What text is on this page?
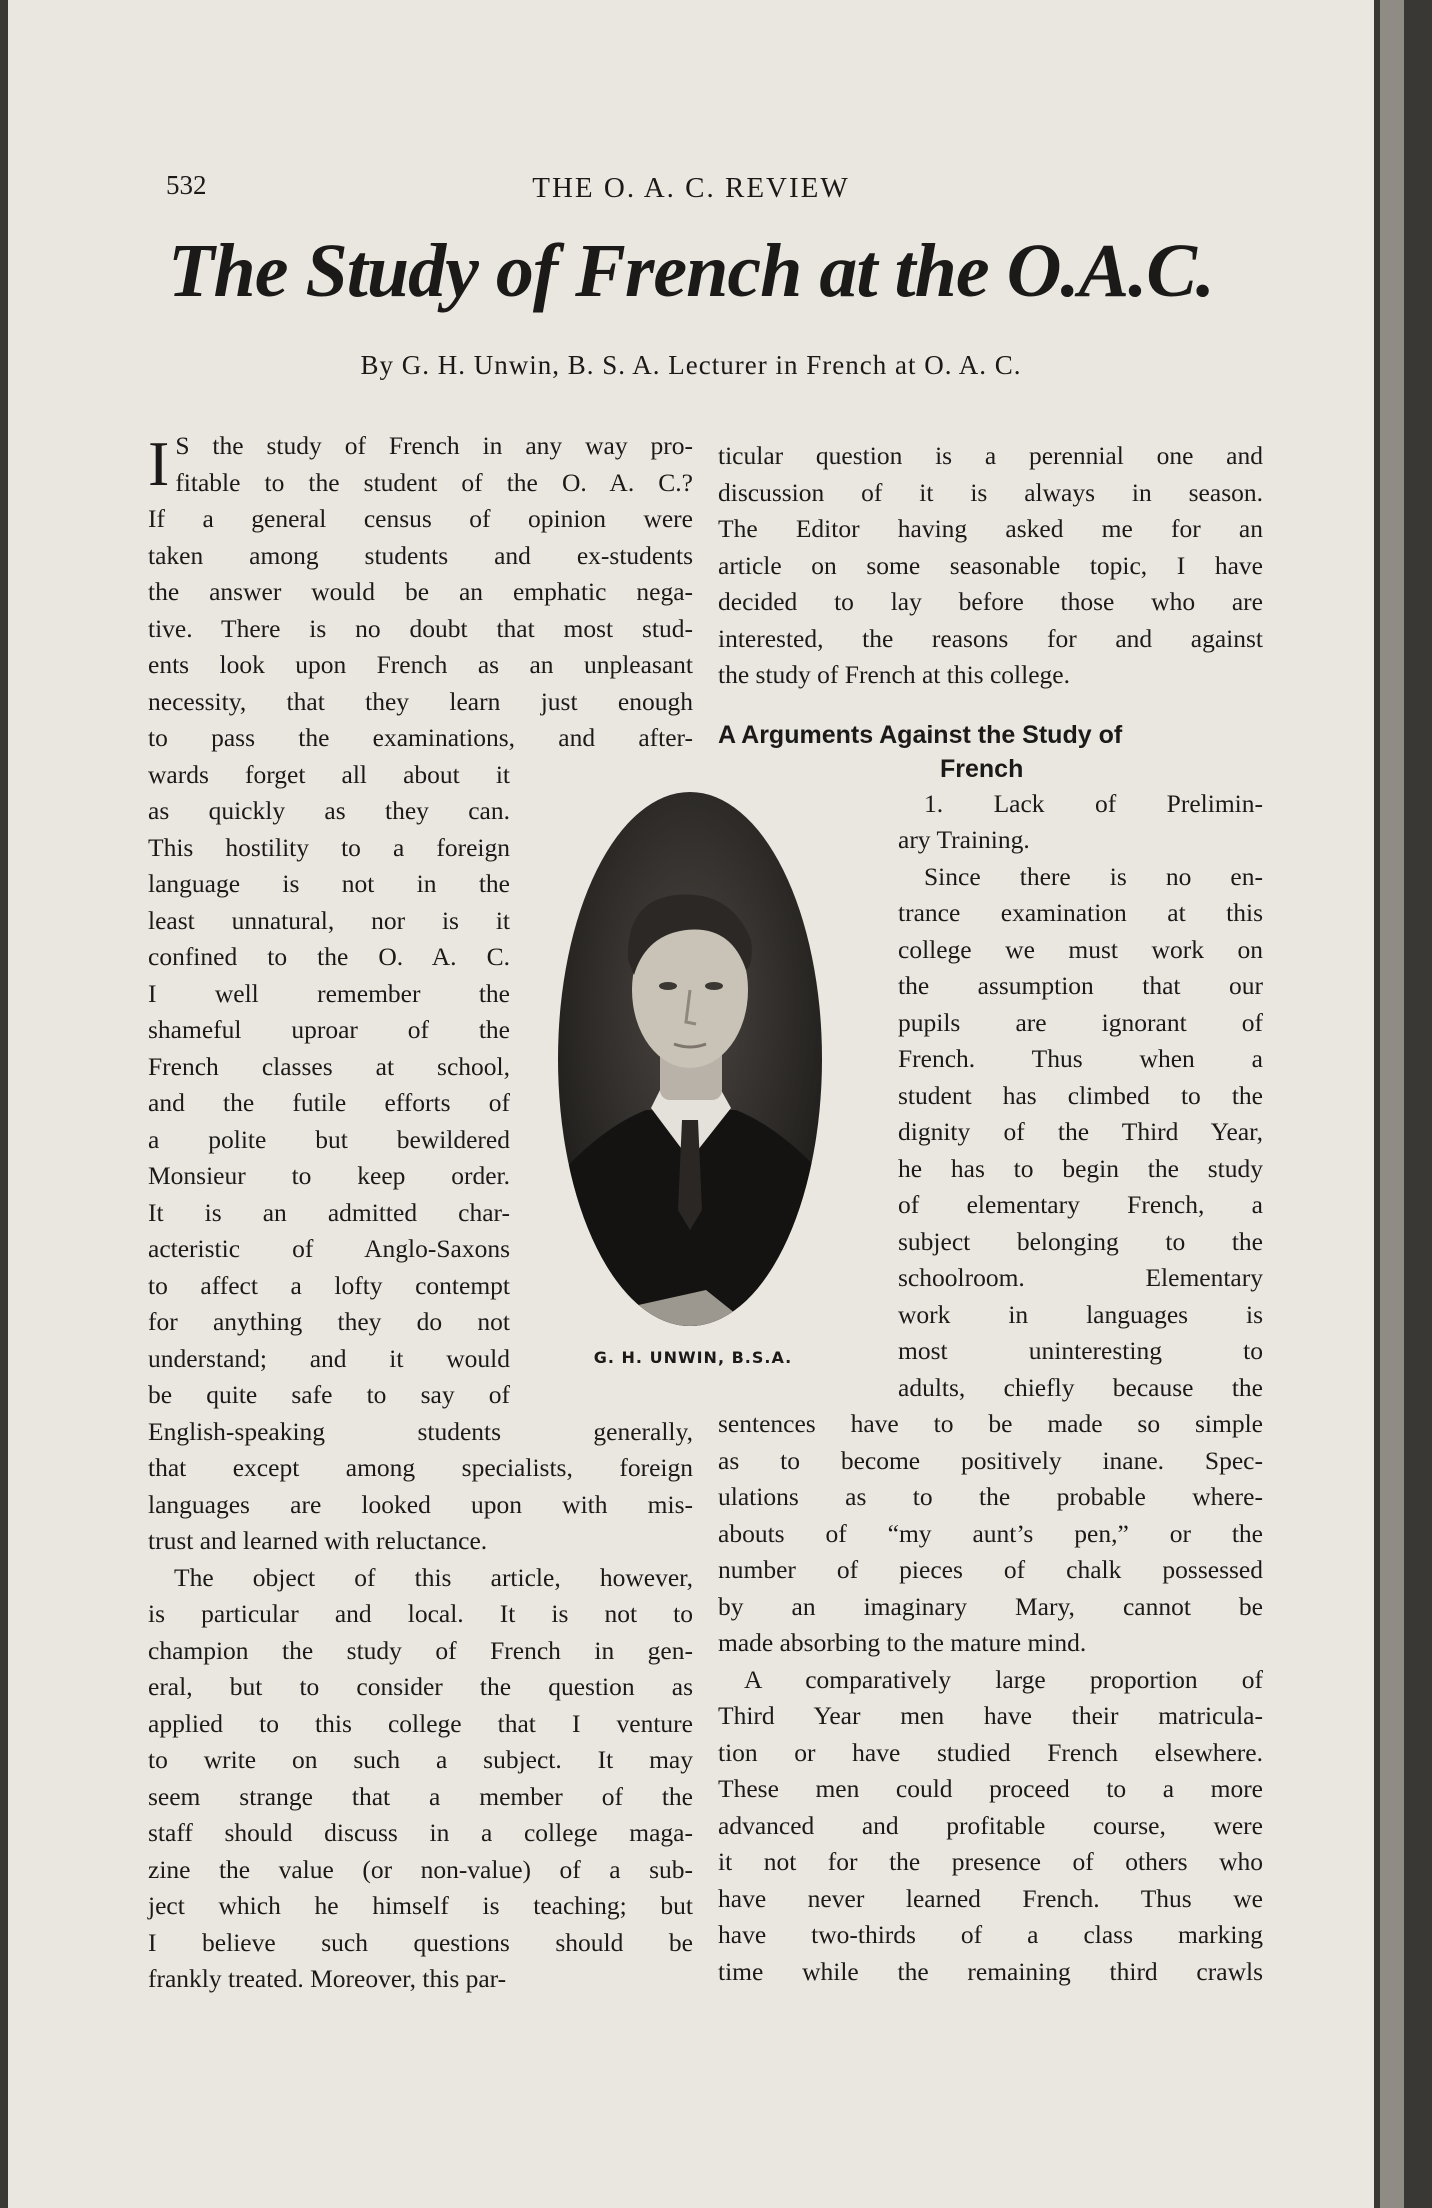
532	THE O. A. C. REVIEW
The Study of French at the O.A.C.
By G. H. Unwin, B. S. A. Lecturer in French at O. A. C.
G. H. UNWIN, B.S.A.
I S the study of French in any way pro-
fitable to the student of the O. A. C.?
If a general census of opinion were
taken among students and ex-students
the answer would be an emphatic nega-
tive. There is no doubt that most stud-
ents look upon French as an unpleasant
necessity, that they learn just enough
to pass the examinations, and after-
wards forget all about it
as quickly as they can.
This hostility to a foreign
language is not in the
least unnatural, nor is it
confined to the O. A. C.
I well remember the
shameful uproar of the
French classes at school,
and the futile efforts of
a polite but bewildered
Monsieur to keep order.
It is an admitted char-
acteristic of Anglo-Saxons
to affect a lofty contempt
for anything they do not
understand; and it would
be quite safe to say of
English-speaking students generally,
that except among specialists, foreign
languages are looked upon with mis-
trust and learned with reluctance.
The object of this article, however,
is particular and local. It is not to
champion the study of French in gen-
eral, but to consider the question as
applied to this college that I venture
to write on such a subject. It may
seem strange that a member of the
staff should discuss in a college maga-
zine the value (or non-value) of a sub-
ject which he himself is teaching; but
I believe such questions should be
frankly treated. Moreover, this par-
ticular question is a perennial one and
discussion of it is always in season.
The Editor having asked me for an
article on some seasonable topic, I have
decided to lay before those who are
interested, the reasons for and against
the study of French at this college.
A Arguments Against the Study of
French
1. Lack of Prelimin-
ary Training.
Since there is no en-
trance examination at this
college we must work on
the assumption that our
pupils are ignorant of
French. Thus when a
student has climbed to the
dignity of the Third Year,
he has to begin the study
of elementary French, a
subject belonging to the
schoolroom. Elementary
work in languages is
most uninteresting to
adults, chiefly because the
sentences have to be made so simple
as to become positively inane. Spec-
ulations as to the probable where-
abouts of “my aunt’s pen,” or the
number of pieces of chalk possessed
by an imaginary Mary, cannot be
made absorbing to the mature mind.
A comparatively large proportion of
Third Year men have their matricula-
tion or have studied French elsewhere.
These men could proceed to a more
advanced and profitable course, were
it not for the presence of others who
have never learned French. Thus we
have two-thirds of a class marking
time while the remaining third crawls
